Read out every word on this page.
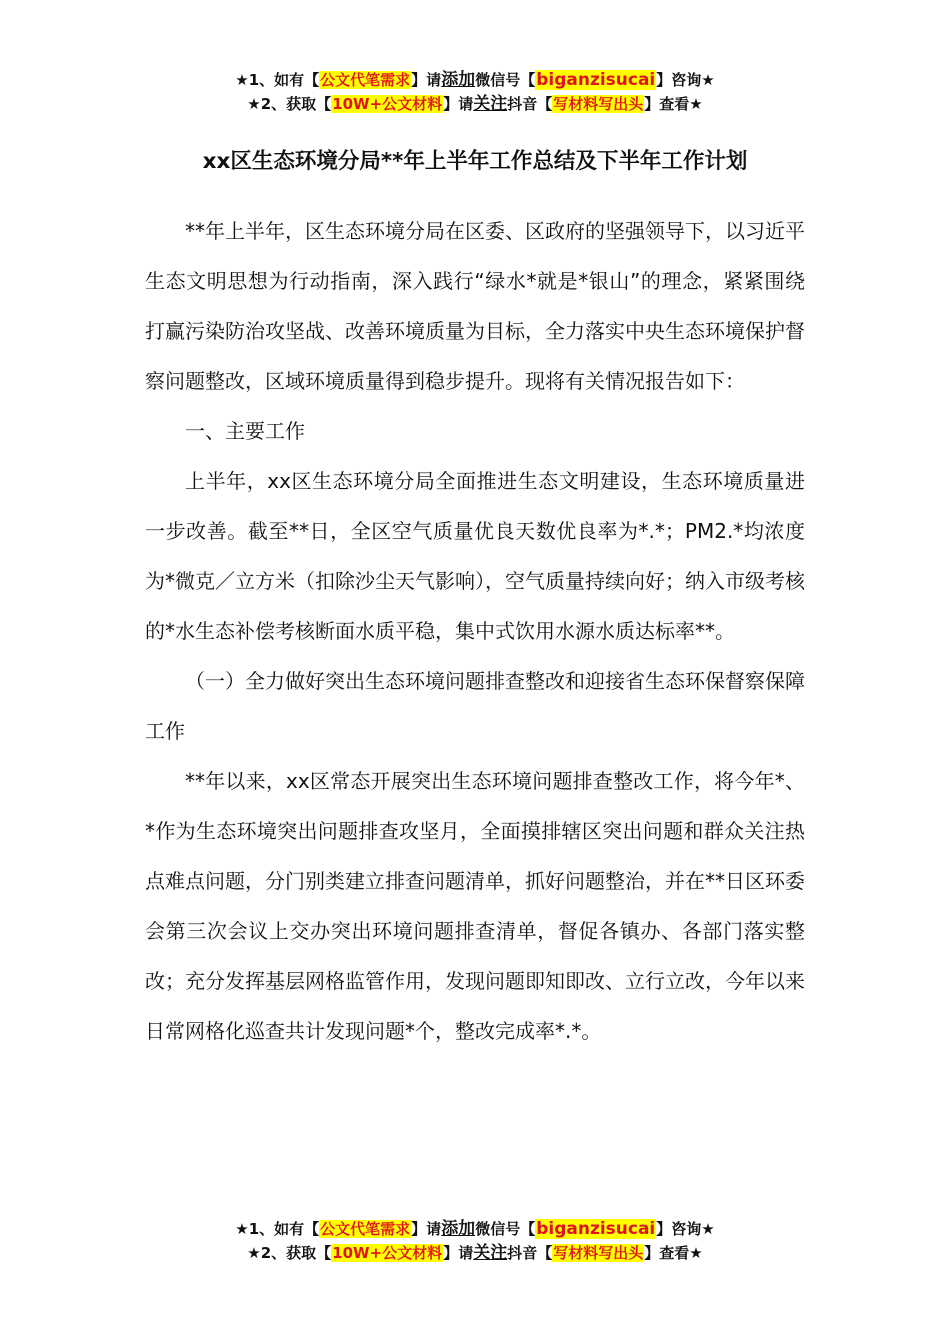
★1、如有【公文代笔需求】请添加微信号【biganzisucai】咨询★
★2、获取【10W+公文材料】请关注抖音【写材料写出头】查看★
xx区生态环境分局**年上半年工作总结及下半年工作计划

**年上半年，区生态环境分局在区委、区政府的坚强领导下，以习近平生态文明思想为行动指南，深入践行“绿水*就是*银山”的理念，紧紧围绕打赢污染防治攻坚战、改善环境质量为目标，全力落实中央生态环境保护督察问题整改，区域环境质量得到稳步提升。现将有关情况报告如下：

一、主要工作

上半年，xx区生态环境分局全面推进生态文明建设，生态环境质量进一步改善。截至**日，全区空气质量优良天数优良率为*.*；PM2.*均浓度为*微克／立方米（扣除沙尘天气影响），空气质量持续向好；纳入市级考核的*水生态补偿考核断面水质平稳，集中式饮用水源水质达标率**。

（一）全力做好突出生态环境问题排查整改和迎接省生态环保督察保障工作

**年以来，xx区常态开展突出生态环境问题排查整改工作，将今年*、*作为生态环境突出问题排查攻坚月，全面摸排辖区突出问题和群众关注热点难点问题，分门别类建立排查问题清单，抓好问题整治，并在**日区环委会第三次会议上交办突出环境问题排查清单，督促各镇办、各部门落实整改；充分发挥基层网格监管作用，发现问题即知即改、立行立改，今年以来日常网格化巡查共计发现问题*个，整改完成率*.*。

★1、如有【公文代笔需求】请添加微信号【biganzisucai】咨询★
★2、获取【10W+公文材料】请关注抖音【写材料写出头】查看★
